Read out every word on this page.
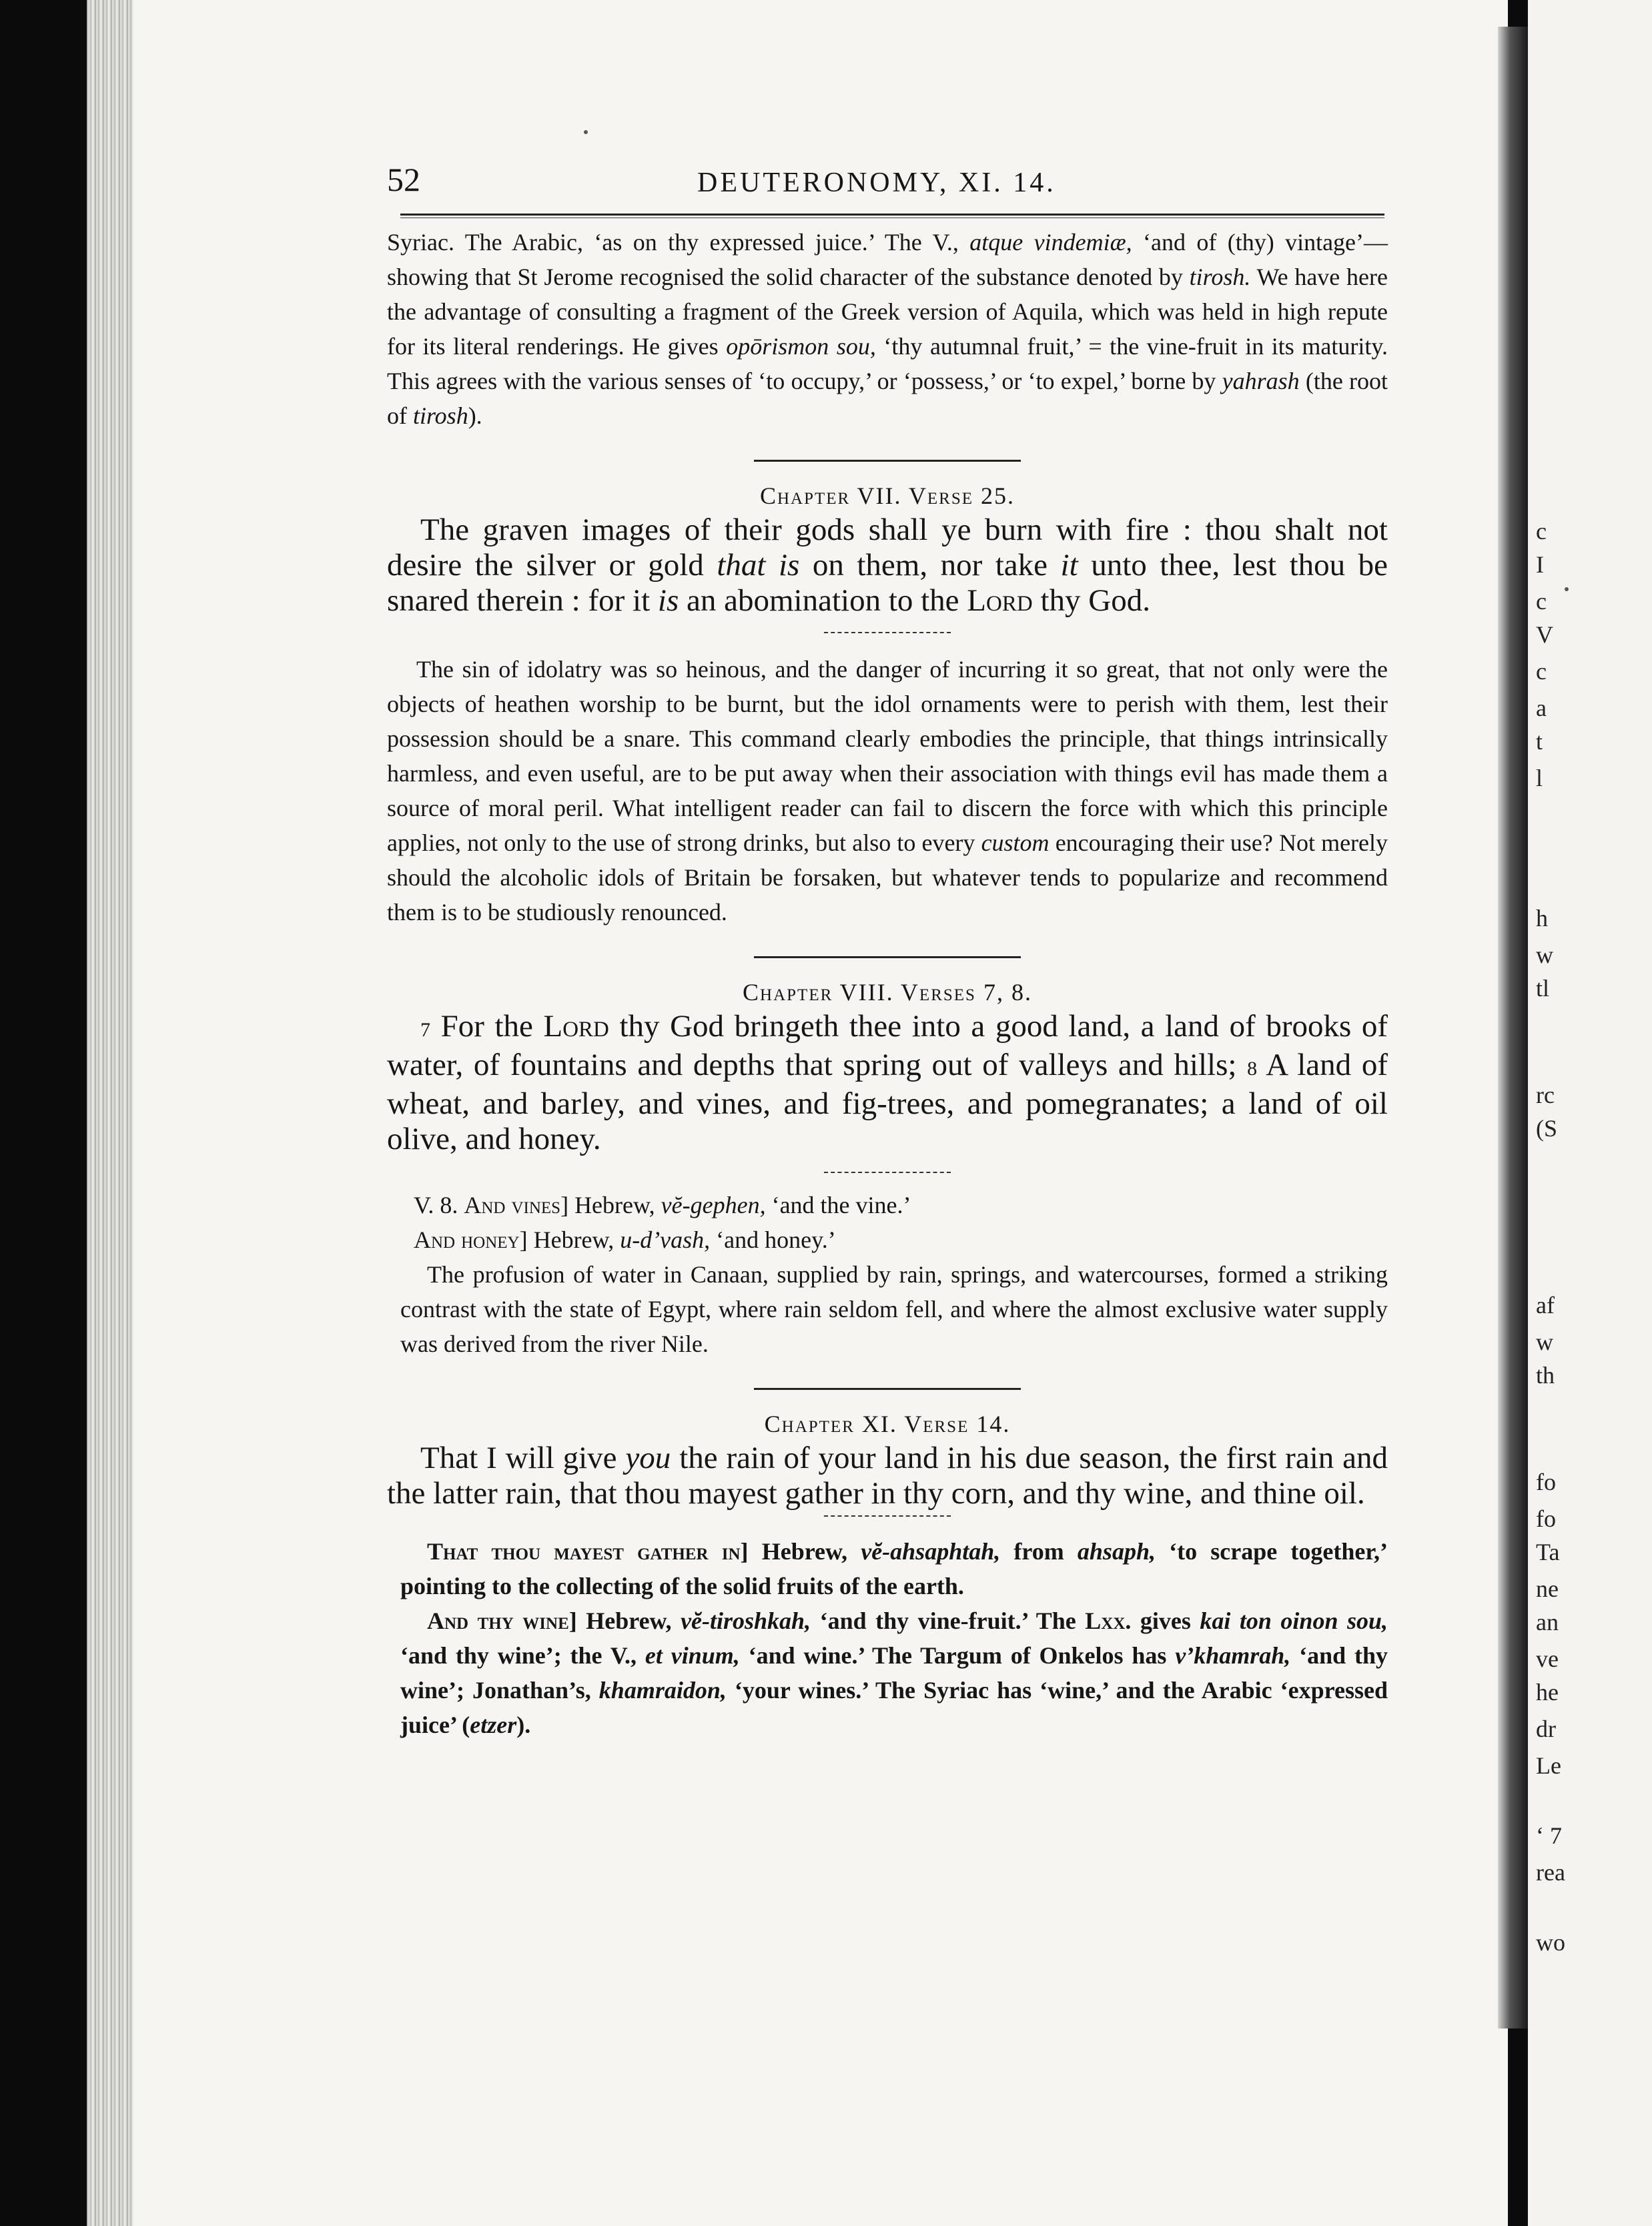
c
I
c
V
c
a
t
l
h
w
tl
rc
(S
af
w
th
fo
fo
Ta
ne
an
ve
he
dr
Le
‘ 7
rea
wo
52	DEUTERONOMY, XI. 14.

Syriac. The Arabic, ‘as on thy expressed juice.’ The V., atque vindemiæ, ‘and of (thy) vintage’—showing that St Jerome recognised the solid character of the substance denoted by tirosh. We have here the advantage of consulting a fragment of the Greek version of Aquila, which was held in high repute for its literal renderings. He gives opōrismon sou, ‘thy autumnal fruit,’ = the vine-fruit in its maturity. This agrees with the various senses of ‘to occupy,’ or ‘possess,’ or ‘to expel,’ borne by yahrash (the root of tirosh).

Chapter VII. Verse 25.

The graven images of their gods shall ye burn with fire : thou shalt not desire the silver or gold that is on them, nor take it unto thee, lest thou be snared therein : for it is an abomination to the Lord thy God.

The sin of idolatry was so heinous, and the danger of incurring it so great, that not only were the objects of heathen worship to be burnt, but the idol ornaments were to perish with them, lest their possession should be a snare. This command clearly embodies the principle, that things intrinsically harmless, and even useful, are to be put away when their association with things evil has made them a source of moral peril. What intelligent reader can fail to discern the force with which this principle applies, not only to the use of strong drinks, but also to every custom encouraging their use? Not merely should the alcoholic idols of Britain be forsaken, but whatever tends to popularize and recommend them is to be studiously renounced.

Chapter VIII. Verses 7, 8.

7 For the Lord thy God bringeth thee into a good land, a land of brooks of water, of fountains and depths that spring out of valleys and hills; 8 A land of wheat, and barley, and vines, and fig-trees, and pomegranates; a land of oil olive, and honey.

V. 8. And vines] Hebrew, vĕ-gephen, ‘and the vine.’

And honey] Hebrew, u-d’vash, ‘and honey.’

The profusion of water in Canaan, supplied by rain, springs, and watercourses, formed a striking contrast with the state of Egypt, where rain seldom fell, and where the almost exclusive water supply was derived from the river Nile.

Chapter XI. Verse 14.

That I will give you the rain of your land in his due season, the first rain and the latter rain, that thou mayest gather in thy corn, and thy wine, and thine oil.

That thou mayest gather in] Hebrew, vĕ-ahsaphtah, from ahsaph, ‘to scrape together,’ pointing to the collecting of the solid fruits of the earth.

And thy wine] Hebrew, vĕ-tiroshkah, ‘and thy vine-fruit.’ The Lxx. gives kai ton oinon sou, ‘and thy wine’; the V., et vinum, ‘and wine.’ The Targum of Onkelos has v’khamrah, ‘and thy wine’; Jonathan’s, khamraidon, ‘your wines.’ The Syriac has ‘wine,’ and the Arabic ‘expressed juice’ (etzer).
